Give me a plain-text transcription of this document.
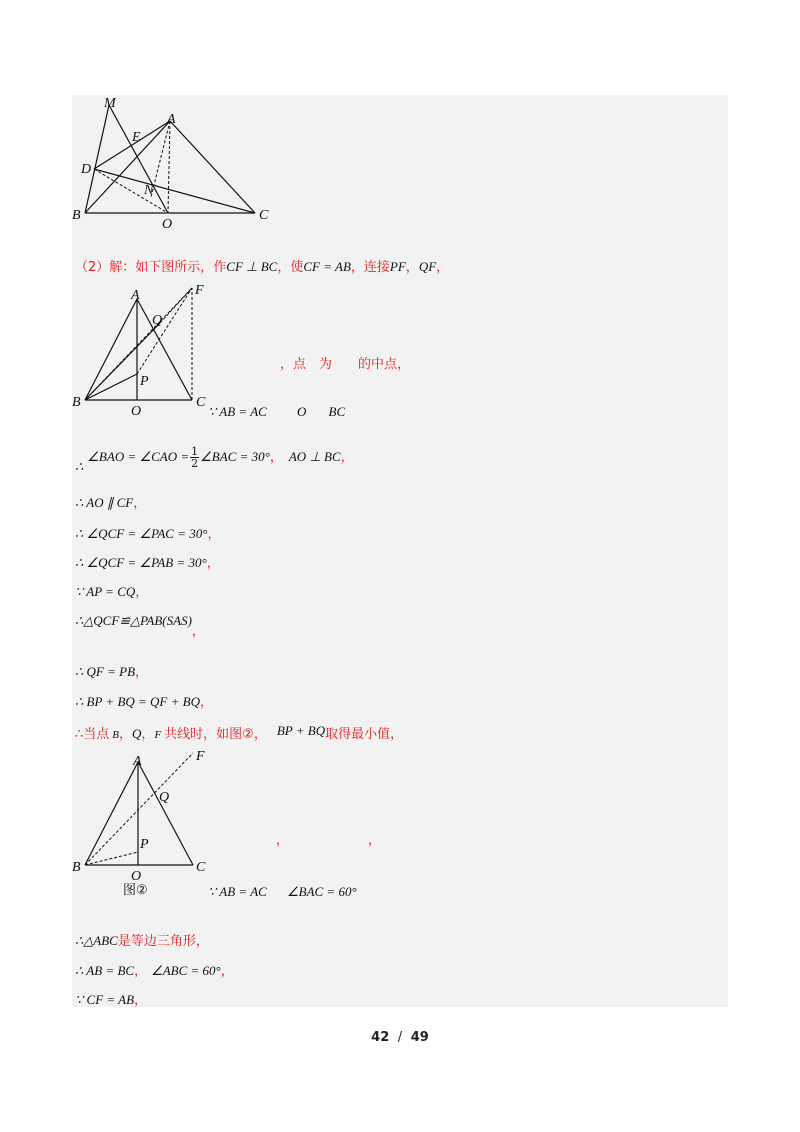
M
E
A
D
N
B
O
C
（2）解：如下图所示，作CF ⊥ BC，使CF = AB，连接PF，QF，
A	F
Q
P
B
O
C
，点　为　　的中点，
∵ AB = AC O BC
∴∠BAO = ∠CAO = $\frac{1}{2}$ ∠BAC = 30°， AO ⊥ BC，
∴ AO ∥ CF，
∴ ∠QCF = ∠PAC = 30°，
∴ ∠QCF = ∠PAB = 30°，
∵ AP = CQ，
∴△QCF≌△PAB(SAS)，
∴ QF = PB，
∴ BP + BQ = QF + BQ，
∴当点 B，Q，F 共线时，如图②， BP + BQ取得最小值，
A	F
Q
P
B
O
C
图②
，	，
∵ AB = AC ∠BAC = 60°
∴△ABC是等边三角形，
∴ AB = BC， ∠ABC = 60°，
∵ CF = AB，
42 / 49
